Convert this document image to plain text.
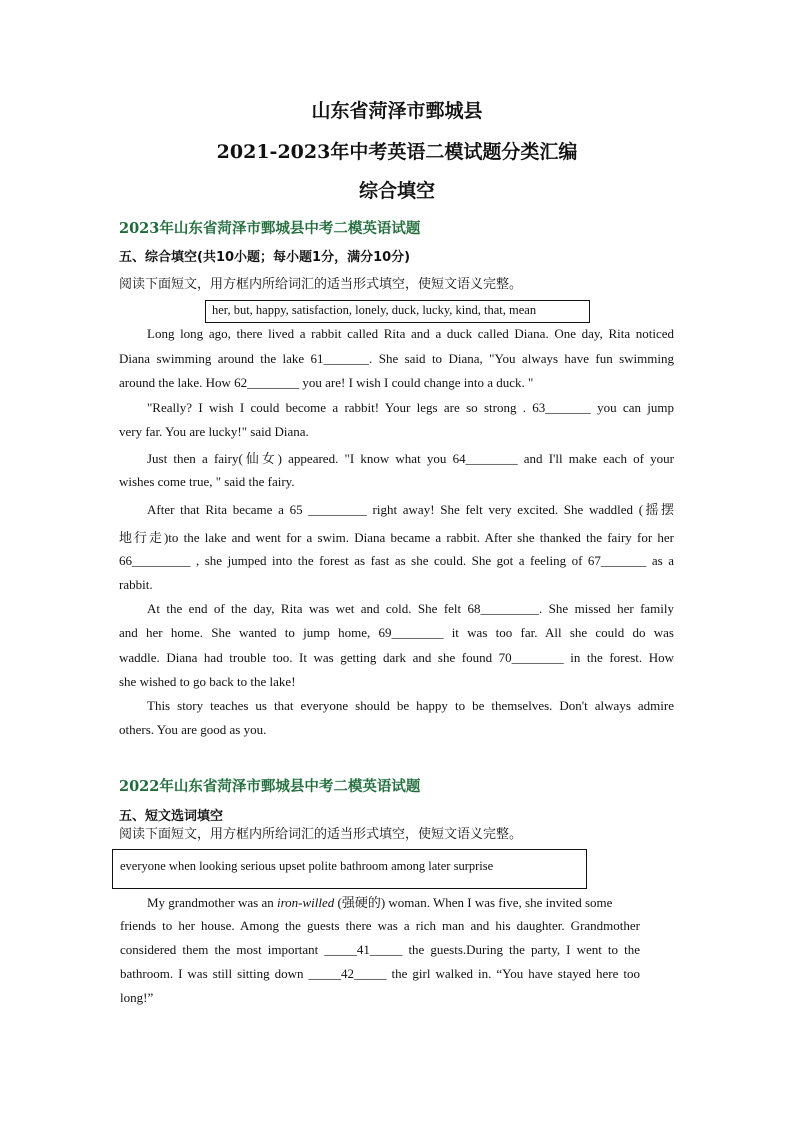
山东省菏泽市鄄城县
2021-2023年中考英语二模试题分类汇编
综合填空
2023年山东省菏泽市鄄城县中考二模英语试题
五、综合填空(共10小题；每小题1分，满分10分)
阅读下面短文，用方框内所给词汇的适当形式填空，使短文语义完整。
her, but, happy, satisfaction, lonely, duck, lucky, kind, that, mean
Long long ago, there lived a rabbit called Rita and a duck called Diana. One day, Rita noticed
Diana swimming around the lake 61_______. She said to Diana, "You always have fun swimming
around the lake. How 62________ you are! I wish I could change into a duck. "
"Really? I wish I could become a rabbit! Your legs are so strong . 63_______ you can jump
very far. You are lucky!" said Diana.
Just then a fairy(仙女) appeared. "I know what you 64________ and I'll make each of your
wishes come true, " said the fairy.
After that Rita became a 65 _________ right away! She felt very excited. She waddled (摇摆
地行走)to the lake and went for a swim. Diana became a rabbit. After she thanked the fairy for her
66_________ , she jumped into the forest as fast as she could. She got a feeling of 67_______ as a
rabbit.
At the end of the day, Rita was wet and cold. She felt 68_________. She missed her family
and her home. She wanted to jump home, 69________ it was too far. All she could do was
waddle. Diana had trouble too. It was getting dark and she found 70________ in the forest. How
she wished to go back to the lake!
This story teaches us that everyone should be happy to be themselves. Don't always admire
others. You are good as you.
2022年山东省菏泽市鄄城县中考二模英语试题
五、短文选词填空
阅读下面短文，用方框内所给词汇的适当形式填空，使短文语义完整。
everyone when looking serious upset polite bathroom among later surprise
My grandmother was an iron-willed (强硬的) woman. When I was five, she invited some
friends to her house. Among the guests there was a rich man and his daughter. Grandmother
considered them the most important _____41_____ the guests.During the party, I went to the
bathroom. I was still sitting down _____42_____ the girl walked in. “You have stayed here too
long!”
